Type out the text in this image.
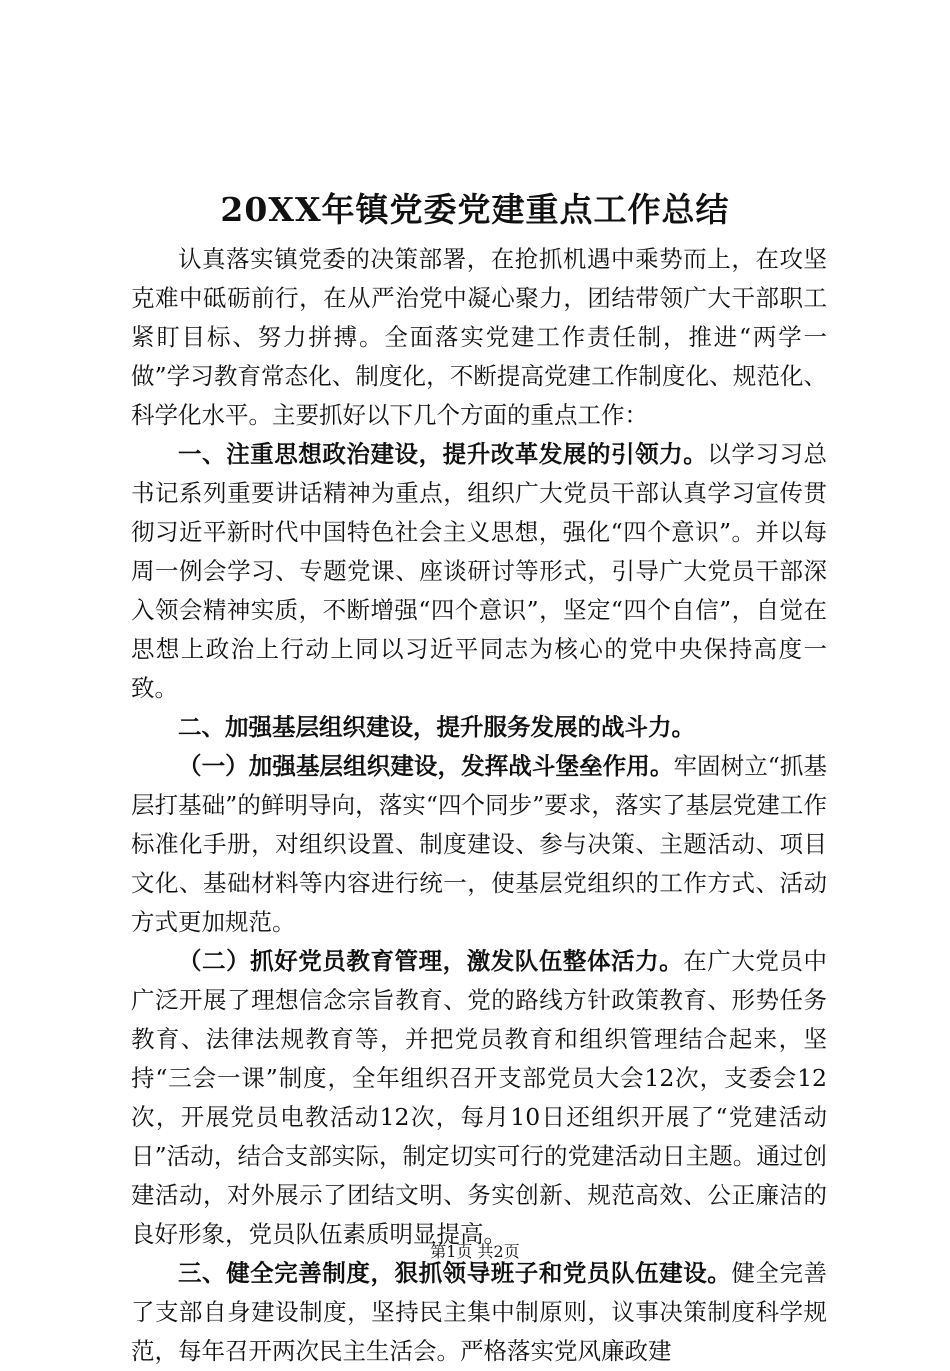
20XX年镇党委党建重点工作总结

认真落实镇党委的决策部署，在抢抓机遇中乘势而上，在攻坚克难中砥砺前行，在从严治党中凝心聚力，团结带领广大干部职工紧盯目标、努力拼搏。全面落实党建工作责任制，推进“两学一做”学习教育常态化、制度化，不断提高党建工作制度化、规范化、科学化水平。主要抓好以下几个方面的重点工作：

一、注重思想政治建设，提升改革发展的引领力。以学习习总书记系列重要讲话精神为重点，组织广大党员干部认真学习宣传贯彻习近平新时代中国特色社会主义思想，强化“四个意识”。并以每周一例会学习、专题党课、座谈研讨等形式，引导广大党员干部深入领会精神实质，不断增强“四个意识”，坚定“四个自信”，自觉在思想上政治上行动上同以习近平同志为核心的党中央保持高度一致。

二、加强基层组织建设，提升服务发展的战斗力。

（一）加强基层组织建设，发挥战斗堡垒作用。牢固树立“抓基层打基础”的鲜明导向，落实“四个同步”要求，落实了基层党建工作标准化手册，对组织设置、制度建设、参与决策、主题活动、项目文化、基础材料等内容进行统一，使基层党组织的工作方式、活动方式更加规范。

（二）抓好党员教育管理，激发队伍整体活力。在广大党员中广泛开展了理想信念宗旨教育、党的路线方针政策教育、形势任务教育、法律法规教育等，并把党员教育和组织管理结合起来，坚持“三会一课”制度，全年组织召开支部党员大会12次，支委会12次，开展党员电教活动12次，每月10日还组织开展了“党建活动日”活动，结合支部实际，制定切实可行的党建活动日主题。通过创建活动，对外展示了团结文明、务实创新、规范高效、公正廉洁的良好形象，党员队伍素质明显提高。

三、健全完善制度，狠抓领导班子和党员队伍建设。健全完善了支部自身建设制度，坚持民主集中制原则，议事决策制度科学规范，每年召开两次民主生活会。严格落实党风廉政建

第1页 共2页
